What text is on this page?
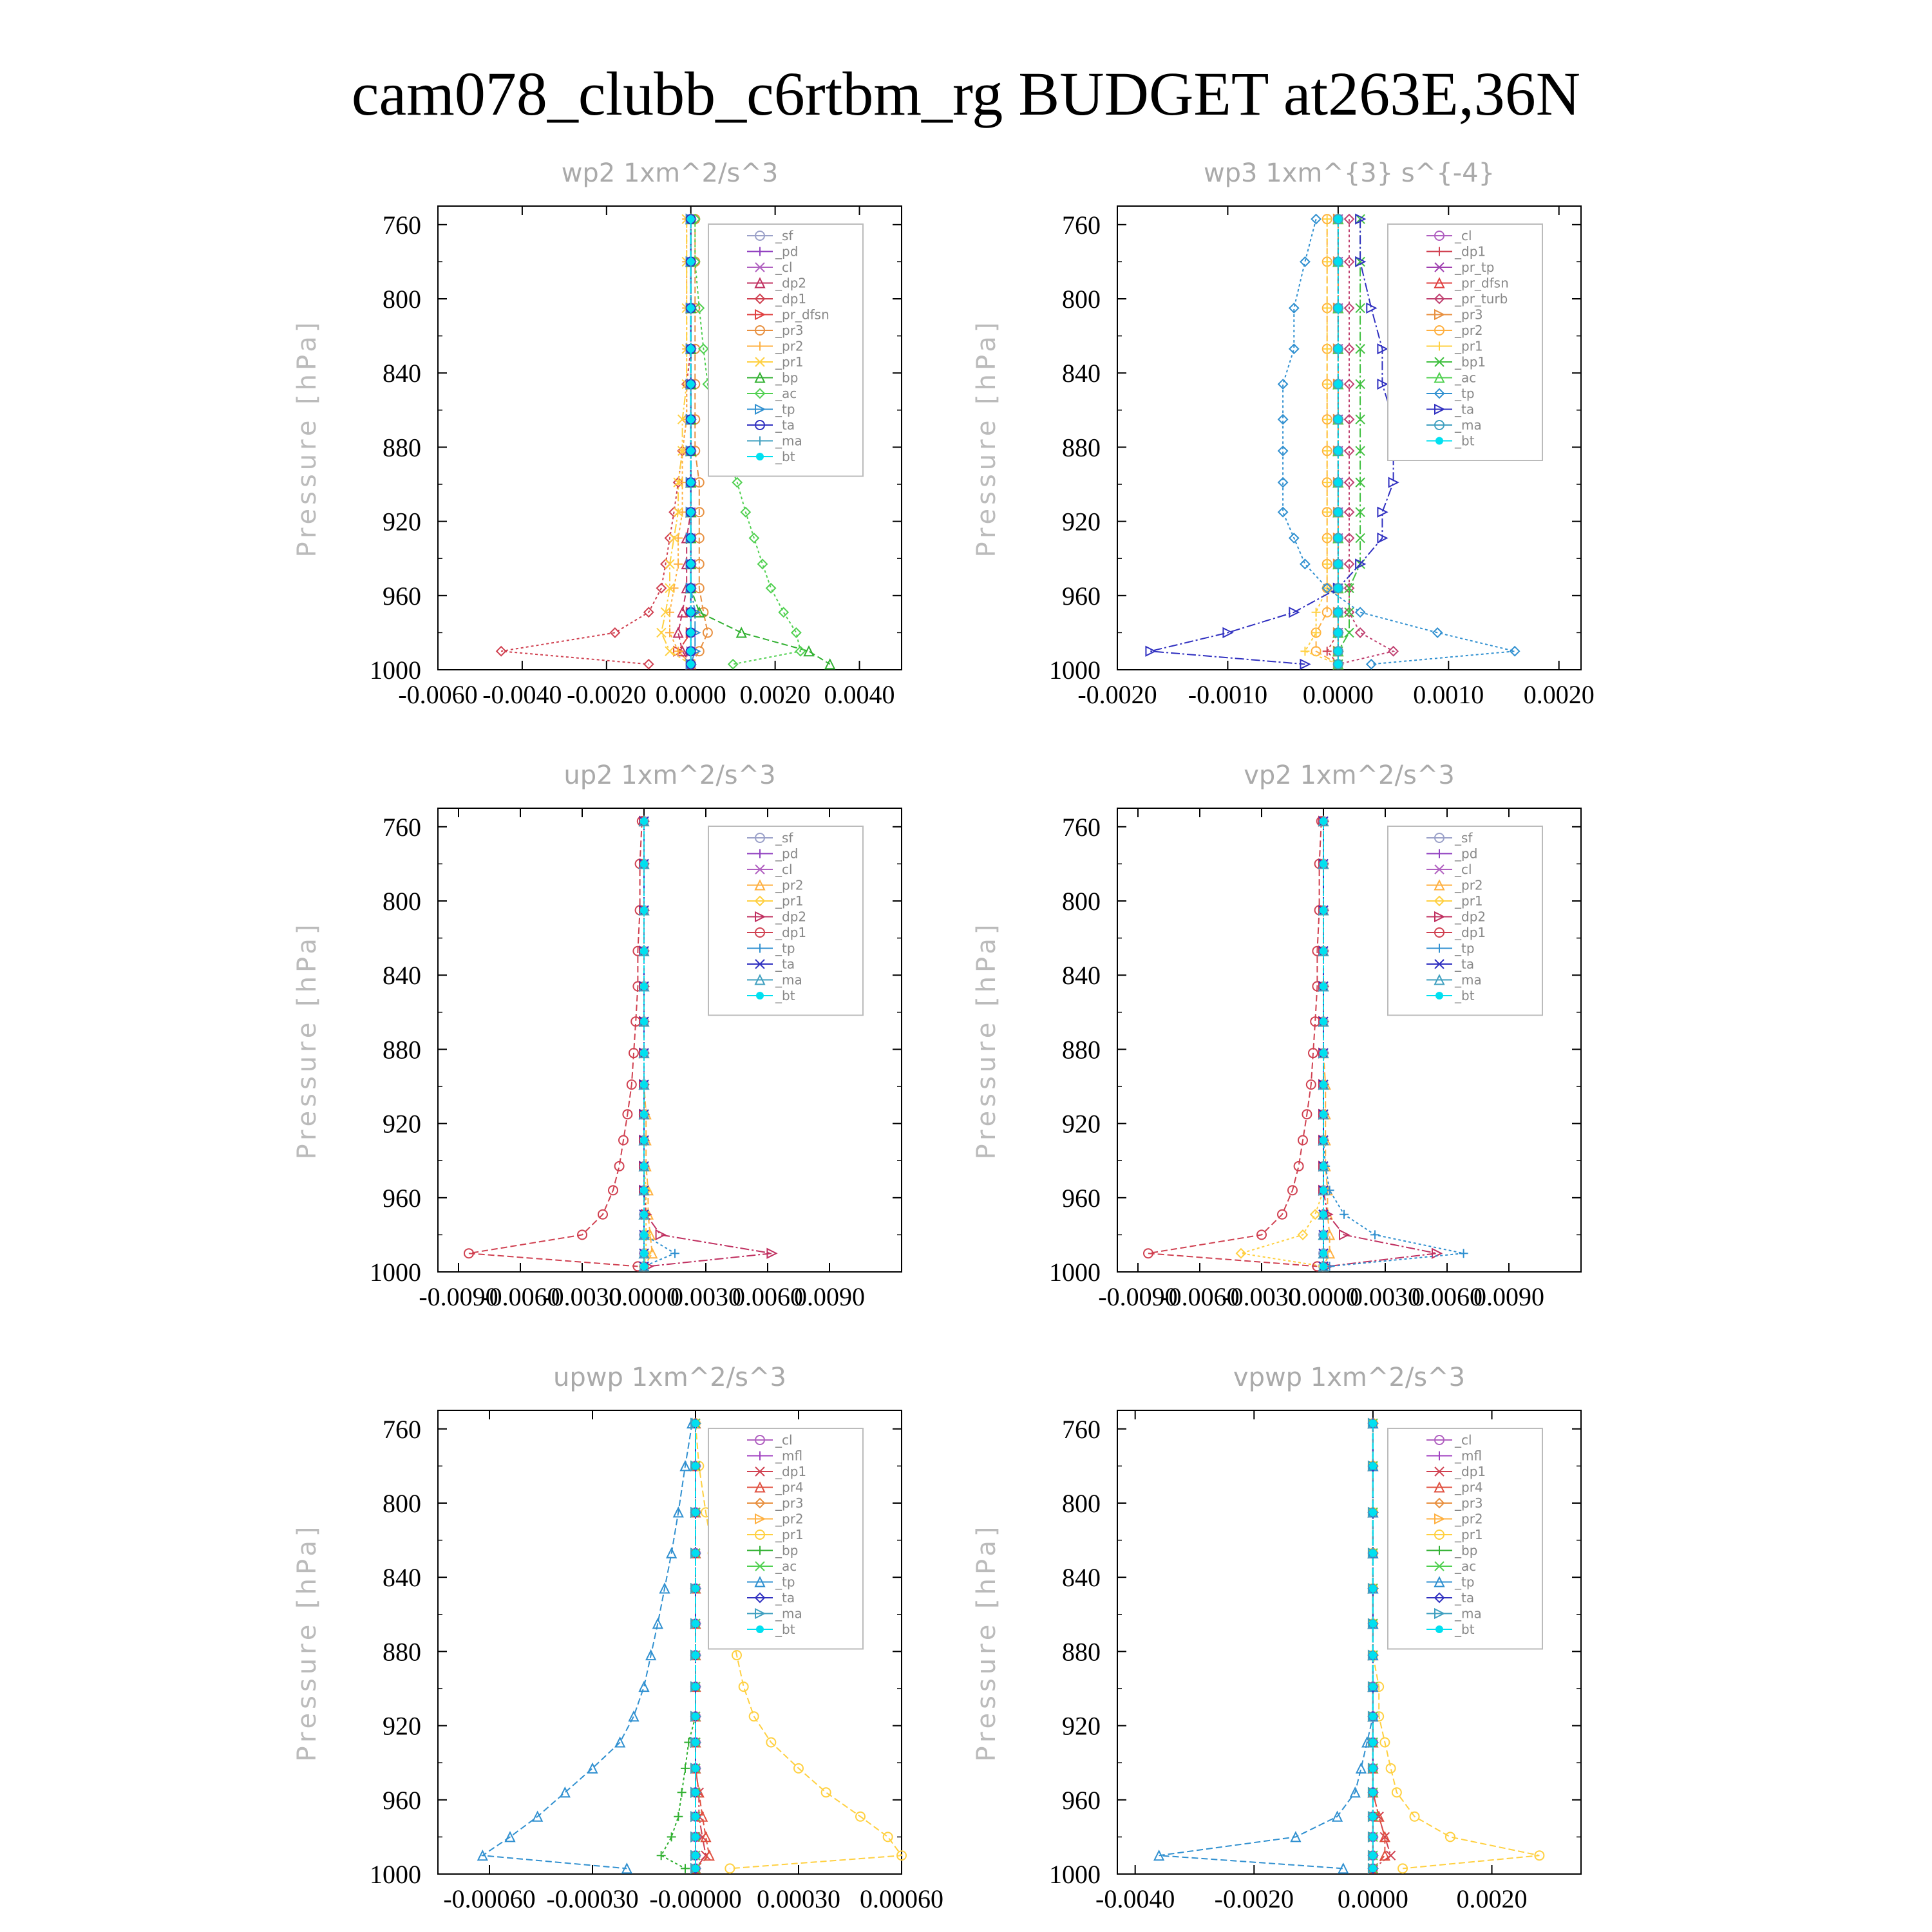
cam078_clubb_c6rtbm_rg BUDGET at263E,36N
wp2 1xm^2/s^3
Pressure [hPa]
760
800
840
880
920
960
1000
-0.0060 -0.0040 -0.0020 0.0000 0.0020 0.0040
_sf
_pd
_cl
_dp2
_dp1
_pr_dfsn
_pr3
_pr2
_pr1
_bp
_ac
_tp
_ta
_ma
_bt
wp3 1xm^{3} s^{-4}
Pressure [hPa]
760
800
840
880
920
960
1000
-0.0020 -0.0010 0.0000 0.0010 0.0020
_cl
_dp1
_pr_tp
_pr_dfsn
_pr_turb
_pr3
_pr2
_pr1
_bp1
_ac
_tp
_ta
_ma
_bt
up2 1xm^2/s^3
Pressure [hPa]
760
800
840
880
920
960
1000
-0.0090
-0.0060
-0.0030
0.0000
0.0030
0.0060
0.0090
_sf
_pd
_cl
_pr2
_pr1
_dp2
_dp1
_tp
_ta
_ma
_bt
vp2 1xm^2/s^3
Pressure [hPa]
760
800
840
880
920
960
1000
-0.0090
-0.0060
-0.0030
0.0000
0.0030
0.0060
0.0090
_sf
_pd
_cl
_pr2
_pr1
_dp2
_dp1
_tp
_ta
_ma
_bt
upwp 1xm^2/s^3
Pressure [hPa]
760
800
840
880
920
960
1000
-0.00060 -0.00030 -0.00000 0.00030 0.00060
_cl
_mfl
_dp1
_pr4
_pr3
_pr2
_pr1
_bp
_ac
_tp
_ta
_ma
_bt
vpwp 1xm^2/s^3
Pressure [hPa]
760
800
840
880
920
960
1000
-0.0040 -0.0020 0.0000 0.0020
_cl
_mfl
_dp1
_pr4
_pr3
_pr2
_pr1
_bp
_ac
_tp
_ta
_ma
_bt
